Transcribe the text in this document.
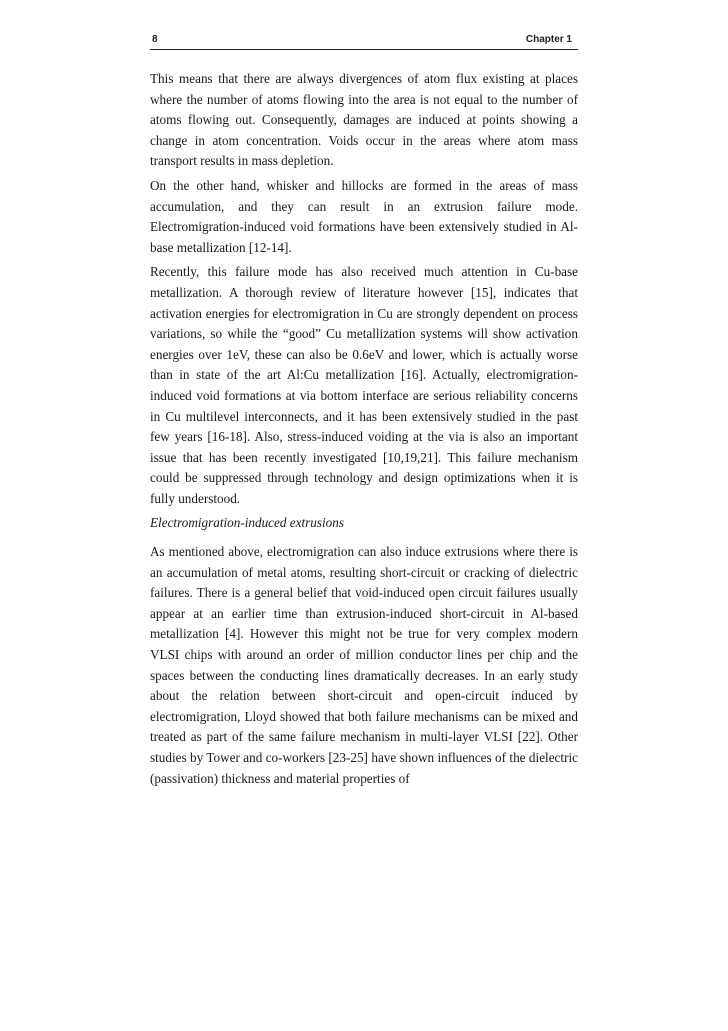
8	Chapter 1

This means that there are always divergences of atom flux existing at places where the number of atoms flowing into the area is not equal to the number of atoms flowing out. Consequently, damages are induced at points showing a change in atom concentration. Voids occur in the areas where atom mass transport results in mass depletion.

On the other hand, whisker and hillocks are formed in the areas of mass accumulation, and they can result in an extrusion failure mode. Electromigration-induced void formations have been extensively studied in Al-base metallization [12-14].

Recently, this failure mode has also received much attention in Cu-base metallization. A thorough review of literature however [15], indicates that activation energies for electromigration in Cu are strongly dependent on process variations, so while the “good” Cu metallization systems will show activation energies over 1eV, these can also be 0.6eV and lower, which is actually worse than in state of the art Al:Cu metallization [16]. Actually, electromigration-induced void formations at via bottom interface are serious reliability concerns in Cu multilevel interconnects, and it has been extensively studied in the past few years [16-18]. Also, stress-induced voiding at the via is also an important issue that has been recently investigated [10,19,21]. This failure mechanism could be suppressed through technology and design optimizations when it is fully understood.

Electromigration-induced extrusions

As mentioned above, electromigration can also induce extrusions where there is an accumulation of metal atoms, resulting short-circuit or cracking of dielectric failures. There is a general belief that void-induced open circuit failures usually appear at an earlier time than extrusion-induced short-circuit in Al-based metallization [4]. However this might not be true for very complex modern VLSI chips with around an order of million conductor lines per chip and the spaces between the conducting lines dramatically decreases. In an early study about the relation between short-circuit and open-circuit induced by electromigration, Lloyd showed that both failure mechanisms can be mixed and treated as part of the same failure mechanism in multi-layer VLSI [22]. Other studies by Tower and co-workers [23-25] have shown influences of the dielectric (passivation) thickness and material properties of
